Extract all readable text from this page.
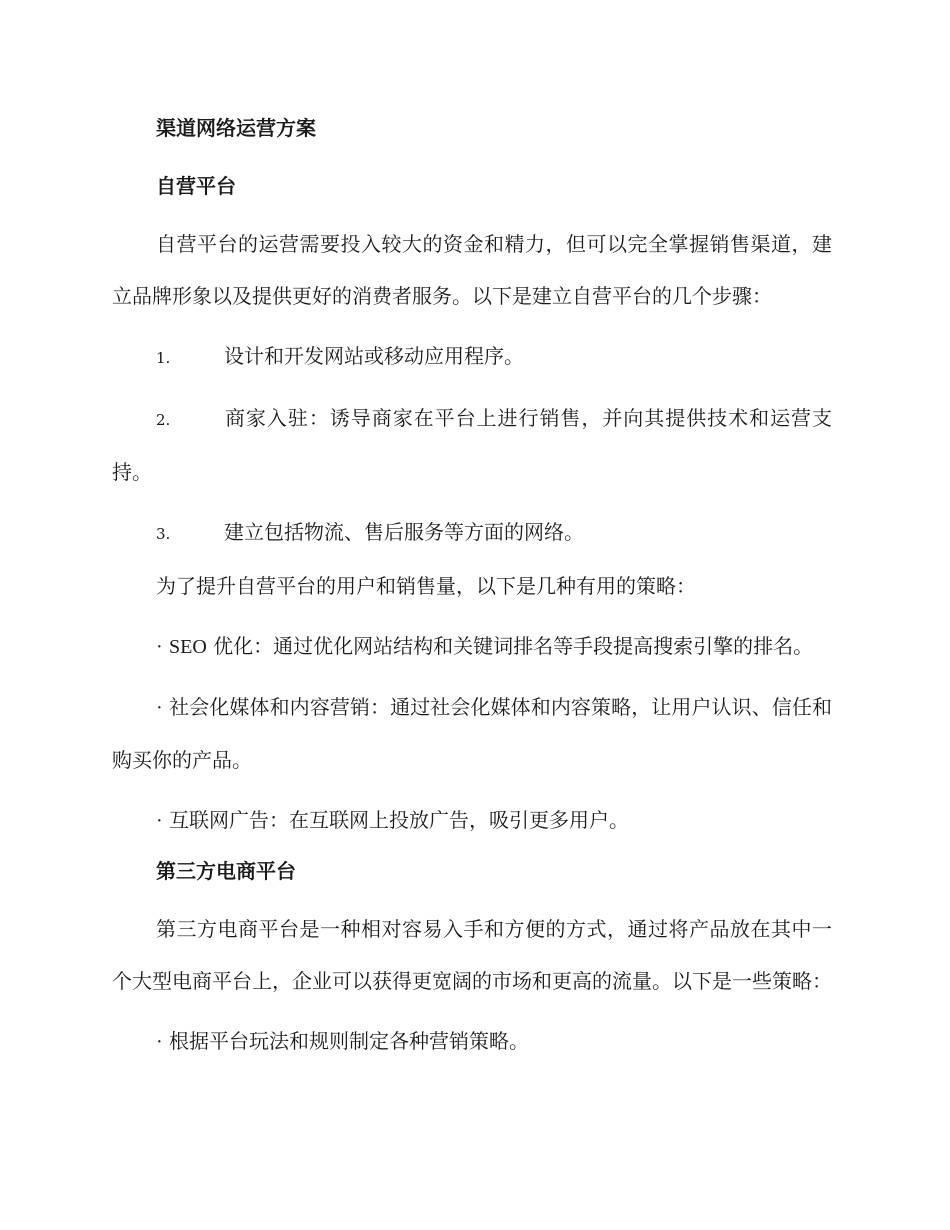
渠道网络运营方案

自营平台

自营平台的运营需要投入较大的资金和精力，但可以完全掌握销售渠道，建立品牌形象以及提供更好的消费者服务。以下是建立自营平台的几个步骤：

1.	设计和开发网站或移动应用程序。

2.	商家入驻：诱导商家在平台上进行销售，并向其提供技术和运营支持。

3.	建立包括物流、售后服务等方面的网络。

为了提升自营平台的用户和销售量，以下是几种有用的策略：

· SEO 优化：通过优化网站结构和关键词排名等手段提高搜索引擎的排名。

· 社会化媒体和内容营销：通过社会化媒体和内容策略，让用户认识、信任和购买你的产品。

· 互联网广告：在互联网上投放广告，吸引更多用户。

第三方电商平台

第三方电商平台是一种相对容易入手和方便的方式，通过将产品放在其中一个大型电商平台上，企业可以获得更宽阔的市场和更高的流量。以下是一些策略：

· 根据平台玩法和规则制定各种营销策略。
